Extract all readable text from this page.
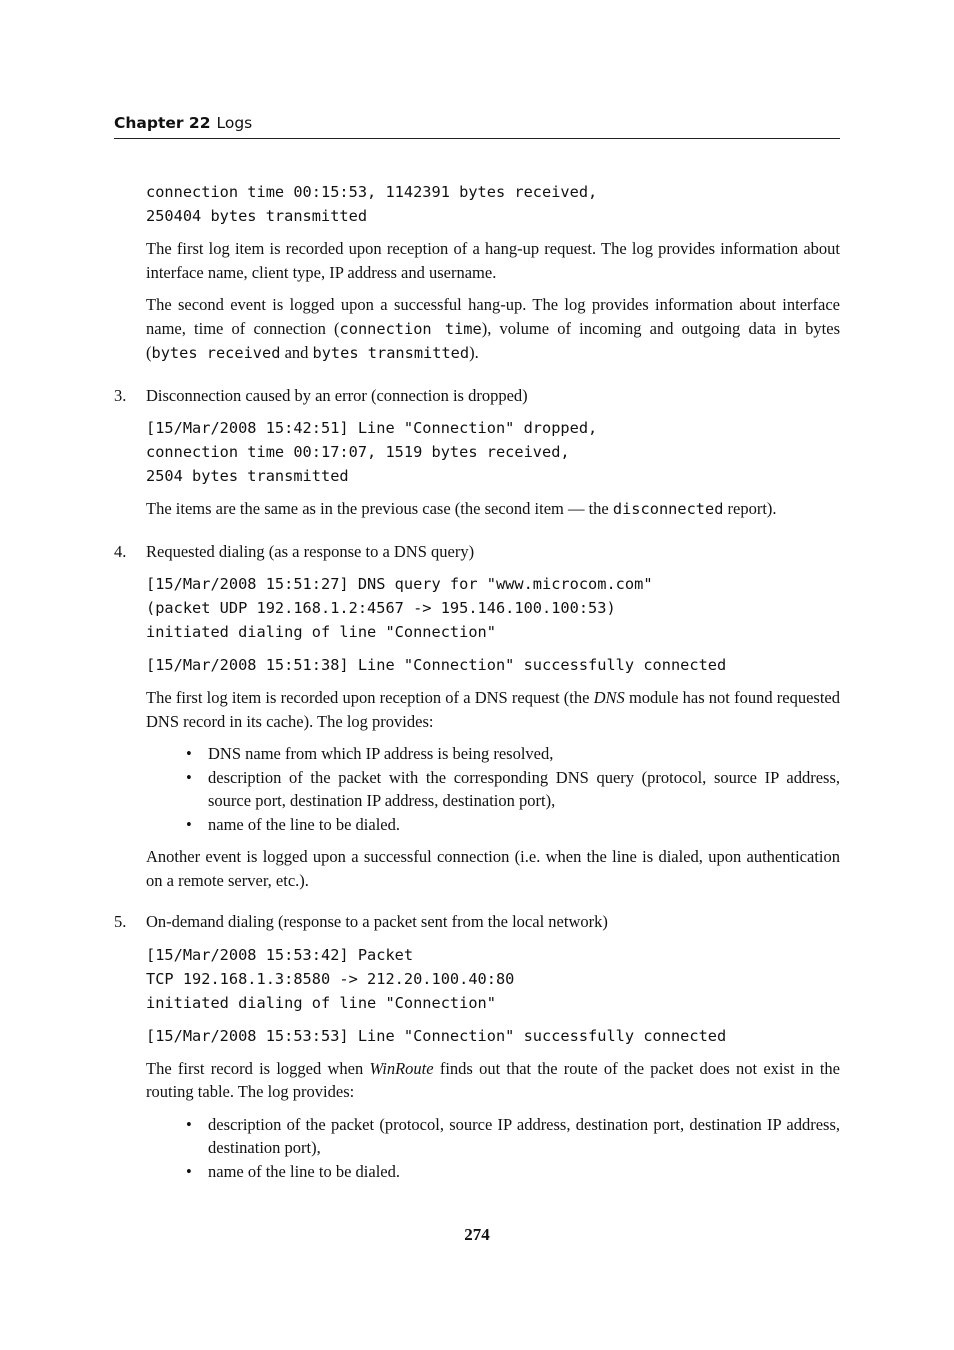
Chapter 22 Logs
connection time 00:15:53, 1142391 bytes received,
250404 bytes transmitted

The first log item is recorded upon reception of a hang-up request. The log provides information about interface name, client type, IP address and username.

The second event is logged upon a successful hang-up. The log provides information about interface name, time of connection (connection time), volume of incoming and outgoing data in bytes (bytes received and bytes transmitted).

3. Disconnection caused by an error (connection is dropped)
[15/Mar/2008 15:42:51] Line "Connection" dropped,
connection time 00:17:07, 1519 bytes received,
2504 bytes transmitted

The items are the same as in the previous case (the second item — the disconnected report).

4. Requested dialing (as a response to a DNS query)
[15/Mar/2008 15:51:27] DNS query for "www.microcom.com"
(packet UDP 192.168.1.2:4567 -> 195.146.100.100:53)
initiated dialing of line "Connection"
[15/Mar/2008 15:51:38] Line "Connection" successfully connected

The first log item is recorded upon reception of a DNS request (the DNS module has not found requested DNS record in its cache). The log provides:

• DNS name from which IP address is being resolved,
• description of the packet with the corresponding DNS query (protocol, source IP address, source port, destination IP address, destination port),
• name of the line to be dialed.

Another event is logged upon a successful connection (i.e. when the line is dialed, upon authentication on a remote server, etc.).

5. On-demand dialing (response to a packet sent from the local network)
[15/Mar/2008 15:53:42] Packet
TCP 192.168.1.3:8580 -> 212.20.100.40:80
initiated dialing of line "Connection"
[15/Mar/2008 15:53:53] Line "Connection" successfully connected

The first record is logged when WinRoute finds out that the route of the packet does not exist in the routing table. The log provides:

• description of the packet (protocol, source IP address, destination port, destination IP address, destination port),
• name of the line to be dialed.
274
